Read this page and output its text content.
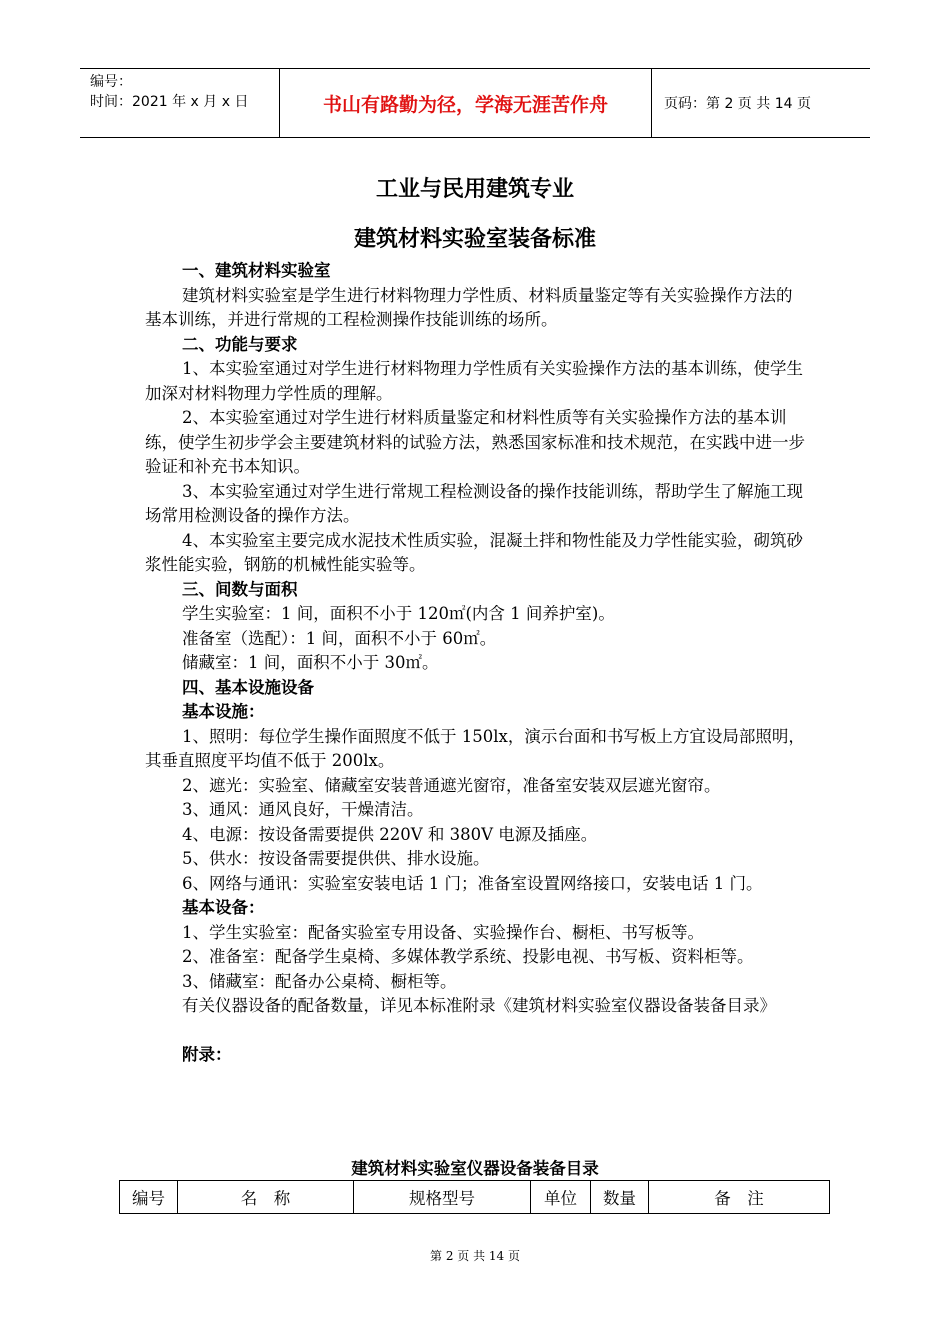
编号：
时间：2021 年 x 月 x 日	书山有路勤为径，学海无涯苦作舟	页码：第 2 页 共 14 页
工业与民用建筑专业
建筑材料实验室装备标准

一、建筑材料实验室

建筑材料实验室是学生进行材料物理力学性质、材料质量鉴定等有关实验操作方法的基本训练，并进行常规的工程检测操作技能训练的场所。

二、功能与要求

1、本实验室通过对学生进行材料物理力学性质有关实验操作方法的基本训练，使学生加深对材料物理力学性质的理解。

2、本实验室通过对学生进行材料质量鉴定和材料性质等有关实验操作方法的基本训练，使学生初步学会主要建筑材料的试验方法，熟悉国家标准和技术规范，在实践中进一步验证和补充书本知识。

3、本实验室通过对学生进行常规工程检测设备的操作技能训练，帮助学生了解施工现场常用检测设备的操作方法。

4、本实验室主要完成水泥技术性质实验，混凝土拌和物性能及力学性能实验，砌筑砂浆性能实验，钢筋的机械性能实验等。

三、间数与面积

学生实验室：1 间，面积不小于 120㎡(内含 1 间养护室)。

准备室（选配）：1 间，面积不小于 60㎡。

储藏室：1 间，面积不小于 30㎡。

四、基本设施设备

基本设施：

1、照明：每位学生操作面照度不低于 150lx，演示台面和书写板上方宜设局部照明，其垂直照度平均值不低于 200lx。

2、遮光：实验室、储藏室安装普通遮光窗帘，准备室安装双层遮光窗帘。

3、通风：通风良好，干燥清洁。

4、电源：按设备需要提供 220V 和 380V 电源及插座。

5、供水：按设备需要提供供、排水设施。

6、网络与通讯：实验室安装电话 1 门；准备室设置网络接口，安装电话 1 门。

基本设备：

1、学生实验室：配备实验室专用设备、实验操作台、橱柜、书写板等。

2、准备室：配备学生桌椅、多媒体教学系统、投影电视、书写板、资料柜等。

3、储藏室：配备办公桌椅、橱柜等。

有关仪器设备的配备数量，详见本标准附录《建筑材料实验室仪器设备装备目录》

附录：

建筑材料实验室仪器设备装备目录
编号	名　称	规格型号	单位	数量	备　注
第 2 页 共 14 页
